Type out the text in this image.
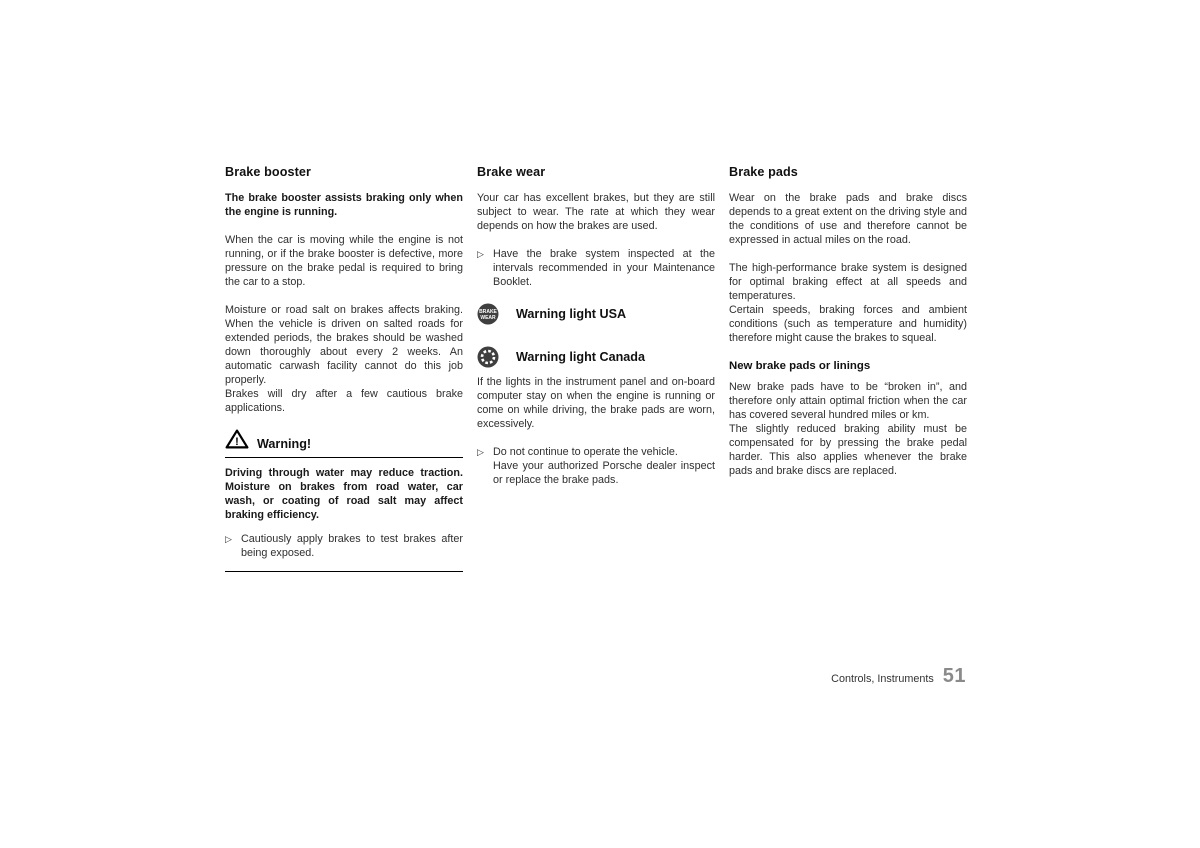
Brake booster

The brake booster assists braking only when the engine is running.

When the car is moving while the engine is not running, or if the brake booster is defective, more pressure on the brake pedal is required to bring the car to a stop.

Moisture or road salt on brakes affects braking. When the vehicle is driven on salted roads for extended periods, the brakes should be washed down thoroughly about every 2 weeks. An automatic carwash facility cannot do this job properly.

Brakes will dry after a few cautious brake applications.

! Warning!

Driving through water may reduce traction. Moisture on brakes from road water, car wash, or coating of road salt may affect braking efficiency.

▷ Cautiously apply brakes to test brakes after being exposed.
Brake wear

Your car has excellent brakes, but they are still subject to wear. The rate at which they wear depends on how the brakes are used.

▷ Have the brake system inspected at the intervals recommended in your Maintenance Booklet.
BRAKE
WEAR Warning light USA
Warning light Canada

If the lights in the instrument panel and on-board computer stay on when the engine is running or come on while driving, the brake pads are worn, excessively.

▷ Do not continue to operate the vehicle.
Have your authorized Porsche dealer inspect or replace the brake pads.
Brake pads

Wear on the brake pads and brake discs depends to a great extent on the driving style and the conditions of use and therefore cannot be expressed in actual miles on the road.

The high-performance brake system is designed for optimal braking effect at all speeds and temperatures.

Certain speeds, braking forces and ambient conditions (such as temperature and humidity) therefore might cause the brakes to squeal.

New brake pads or linings

New brake pads have to be “broken in”, and therefore only attain optimal friction when the car has covered several hundred miles or km.

The slightly reduced braking ability must be compensated for by pressing the brake pedal harder. This also applies whenever the brake pads and brake discs are replaced.

Controls, Instruments 51
